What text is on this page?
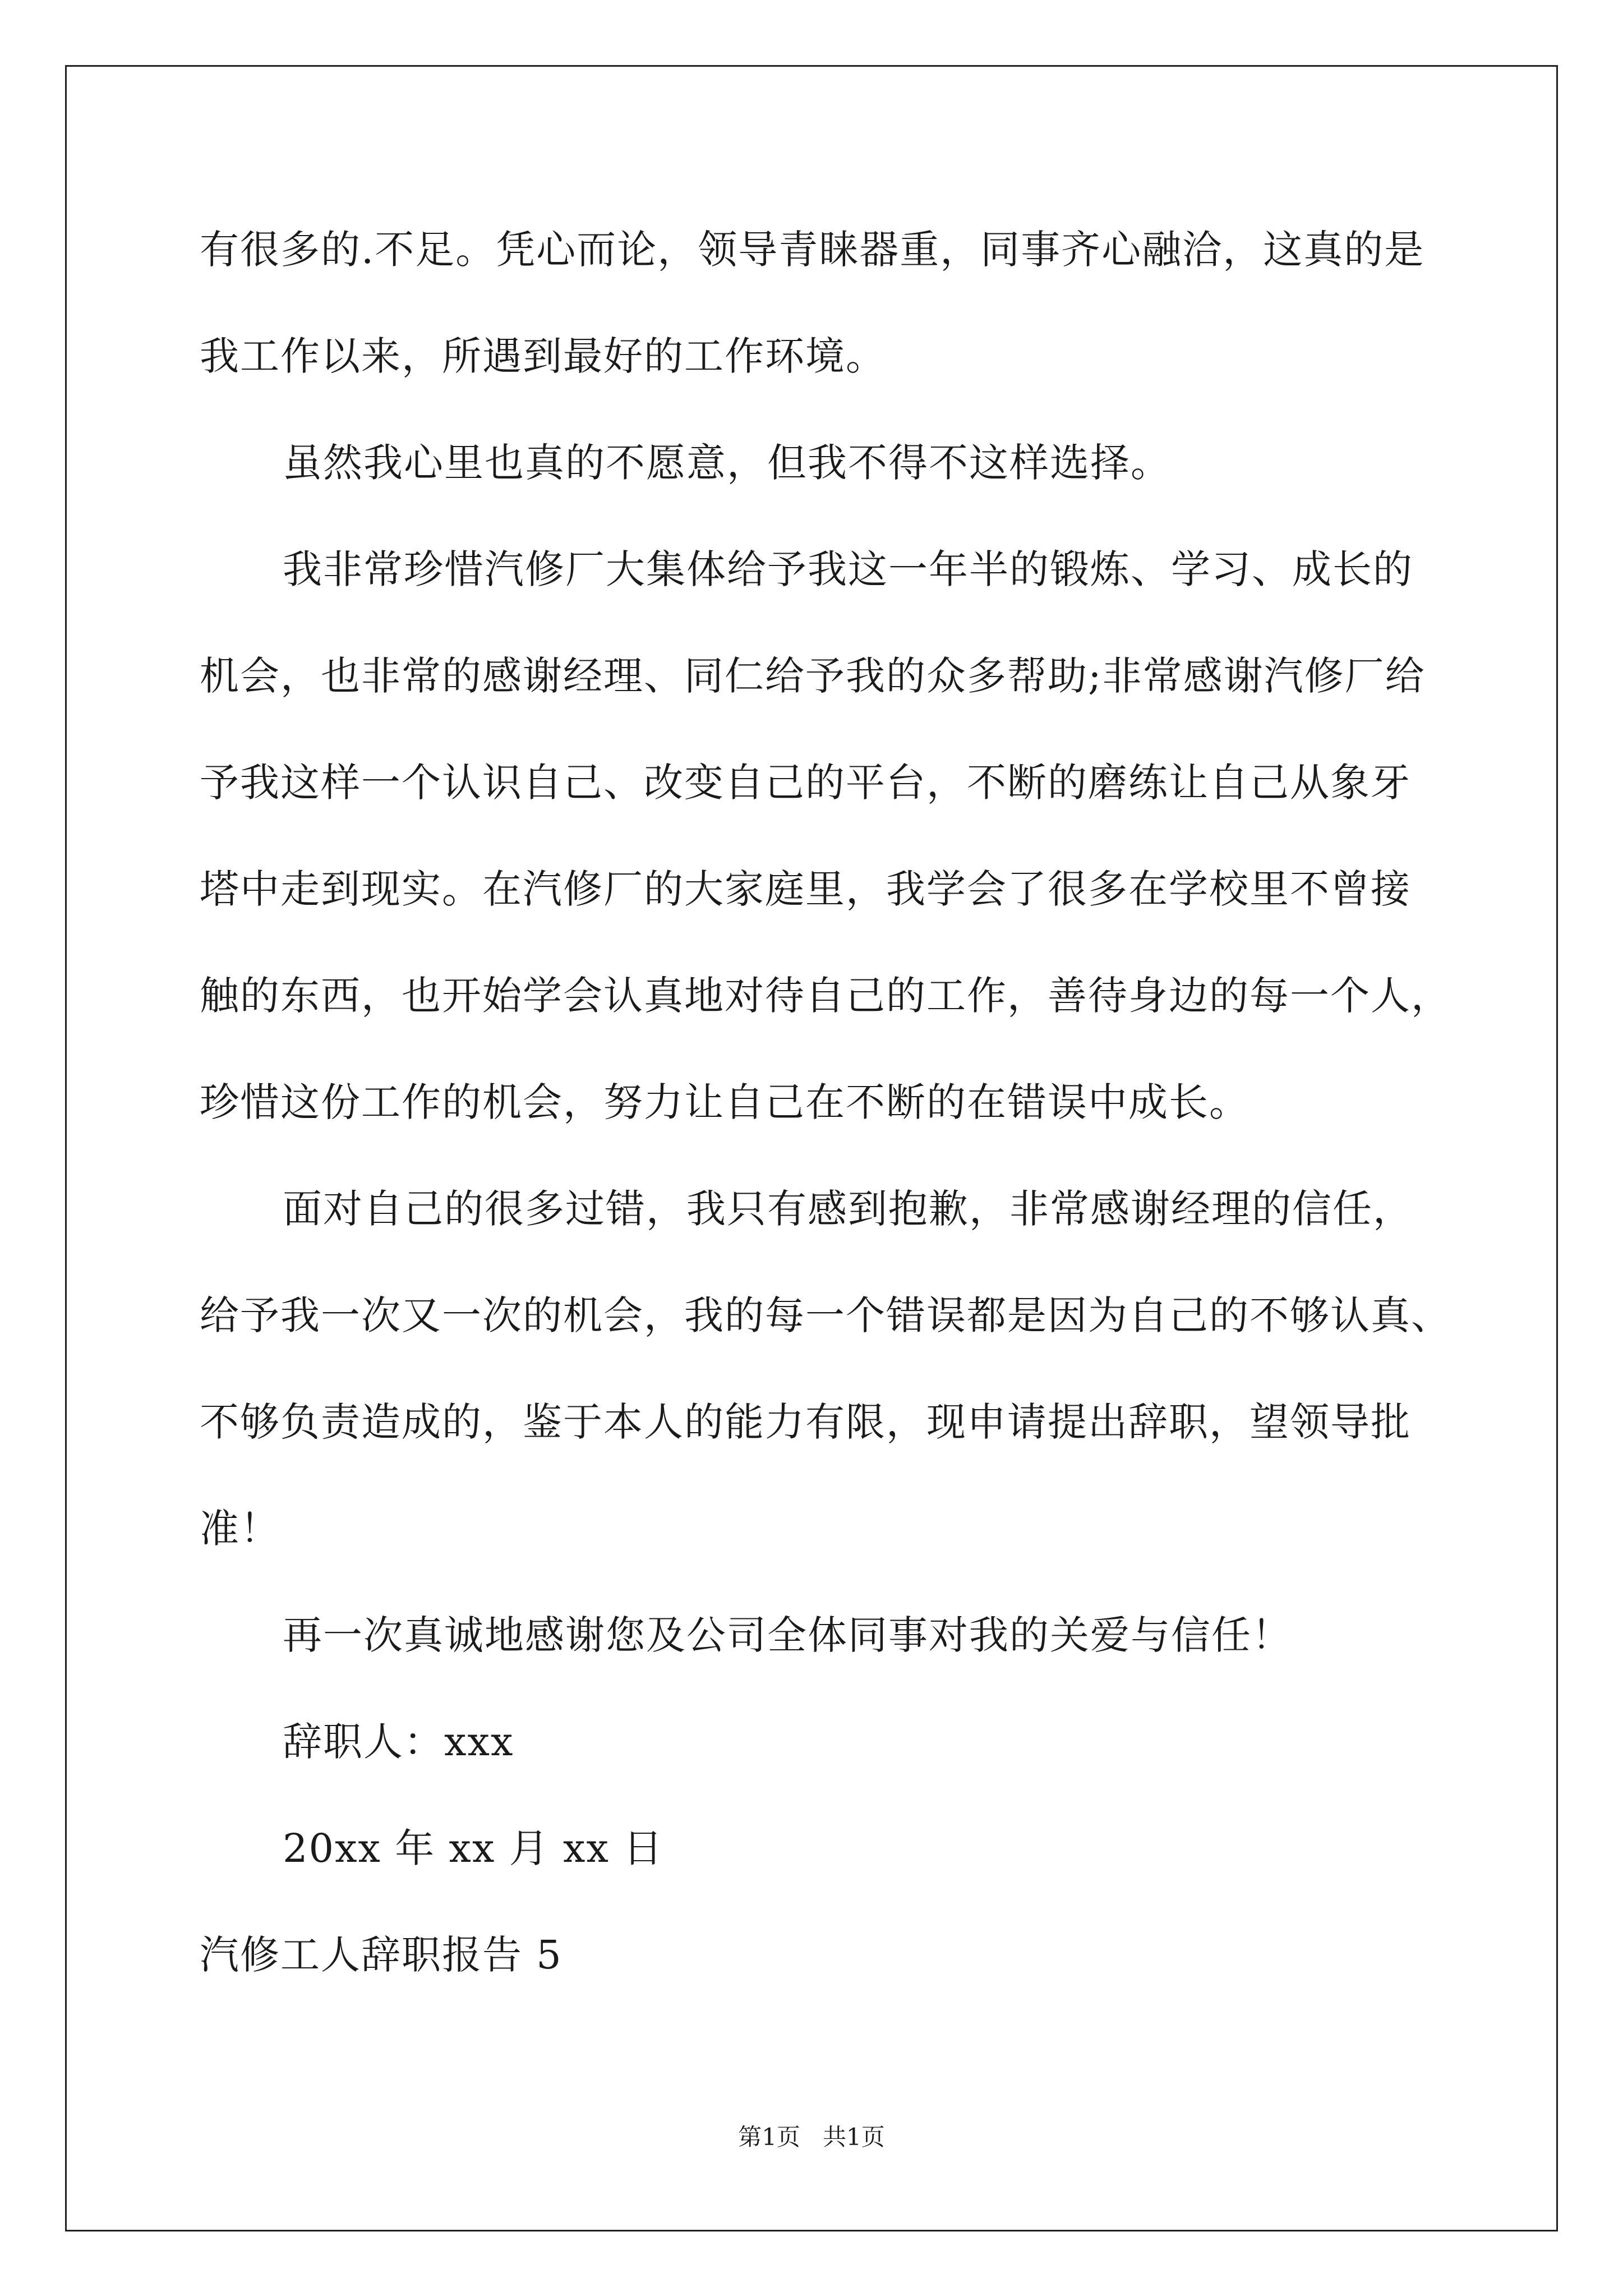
有很多的.不足。凭心而论，领导青睐器重，同事齐心融洽，这真的是
我工作以来，所遇到最好的工作环境。
虽然我心里也真的不愿意，但我不得不这样选择。
我非常珍惜汽修厂大集体给予我这一年半的锻炼、学习、成长的
机会，也非常的感谢经理、同仁给予我的众多帮助;非常感谢汽修厂给
予我这样一个认识自己、改变自己的平台，不断的磨练让自己从象牙
塔中走到现实。在汽修厂的大家庭里，我学会了很多在学校里不曾接
触的东西，也开始学会认真地对待自己的工作，善待身边的每一个人，
珍惜这份工作的机会，努力让自己在不断的在错误中成长。
面对自己的很多过错，我只有感到抱歉，非常感谢经理的信任，
给予我一次又一次的机会，我的每一个错误都是因为自己的不够认真、
不够负责造成的，鉴于本人的能力有限，现申请提出辞职，望领导批
准！
再一次真诚地感谢您及公司全体同事对我的关爱与信任！
辞职人：xxx
20xx 年 xx 月 xx 日
汽修工人辞职报告 5
第1页   共1页
